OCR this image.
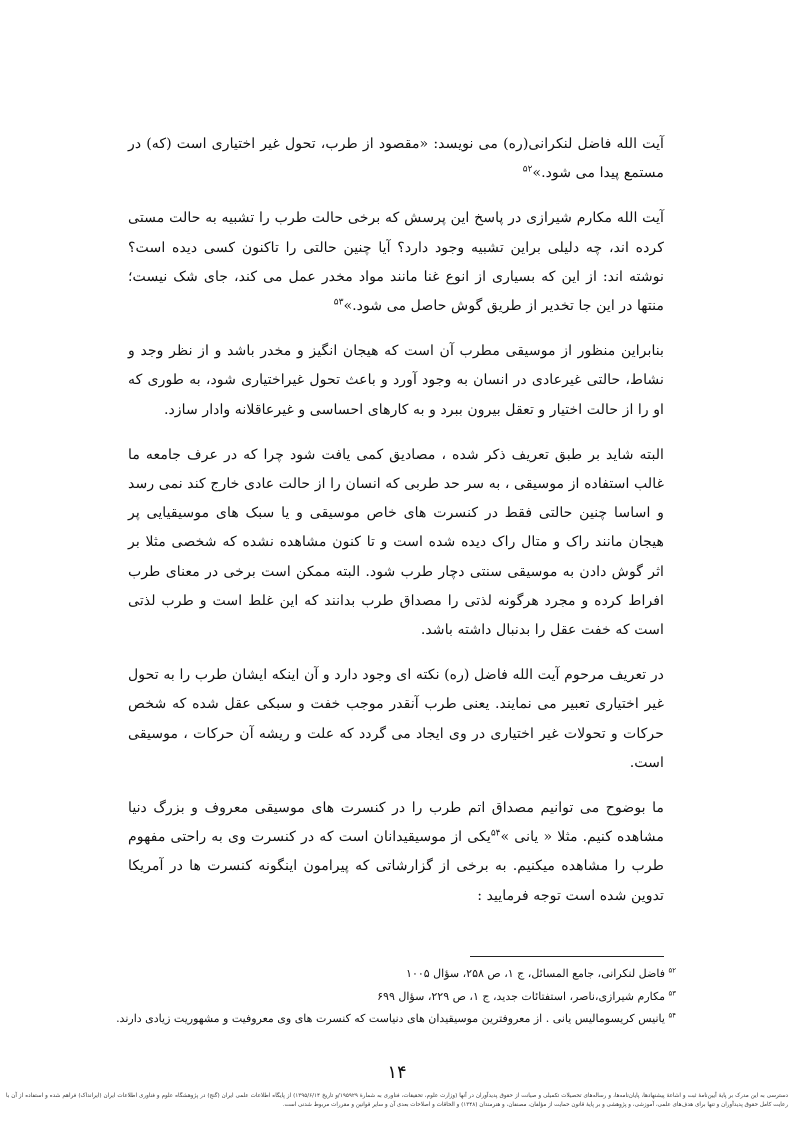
آیت الله فاضل لنکرانی(ره) می نویسد: «مقصود از طرب، تحول غیر اختیاری است (که) در مستمع پیدا می شود.»$^{۵۲}$

آیت الله مکارم شیرازی در پاسخ این پرسش که برخی حالت طرب را تشبیه به حالت مستی کرده اند، چه دلیلی براین تشبیه وجود دارد؟ آیا چنین حالتی را تاکنون کسی دیده است؟ نوشته اند: از این که بسیاری از انوع غنا مانند مواد مخدر عمل می کند، جای شک نیست؛ منتها در این جا تخدیر از طریق گوش حاصل می شود.»$^{۵۳}$

بنابراین منظور از موسیقی مطرب آن است که هیجان انگیز و مخدر باشد و از نظر وجد و نشاط، حالتی غیرعادی در انسان به وجود آورد و باعث تحول غیراختیاری شود، به طوری که او را از حالت اختیار و تعقل بیرون ببرد و به کارهای احساسی و غیرعاقلانه وادار سازد.

البته شاید بر طبق تعریف ذکر شده ، مصادیق کمی یافت شود چرا که در عرف جامعه ما غالب استفاده از موسیقی ، به سر حد طربی که انسان را از حالت عادی خارج کند نمی رسد و اساسا چنین حالتی فقط در کنسرت های خاص موسیقی و یا سبک های موسیقیایی پر هیجان مانند راک و متال راک دیده شده است و تا کنون مشاهده نشده که شخصی مثلا بر اثر گوش دادن به موسیقی سنتی دچار طرب شود. البته ممکن است برخی در معنای طرب افراط کرده و مجرد هرگونه لذتی را مصداق طرب بدانند که این غلط است و طرب لذتی است که خفت عقل را بدنبال داشته باشد.

در تعریف مرحوم آیت الله فاضل (ره) نکته ای وجود دارد و آن اینکه ایشان طرب را به تحول غیر اختیاری تعبیر می نمایند. یعنی طرب آنقدر موجب خفت و سبکی عقل شده که شخص حرکات و تحولات غیر اختیاری در وی ایجاد می گردد که علت و ریشه آن حرکات ، موسیقی است.

ما بوضوح می توانیم مصداق اتم طرب را در کنسرت های موسیقی معروف و بزرگ دنیا مشاهده کنیم. مثلا « یانی »$^{۵۴}$یکی از موسیقیدانان است که در کنسرت وی به راحتی مفهوم طرب را مشاهده میکنیم. به برخی از گزارشاتی که پیرامون اینگونه کنسرت ها در آمریکا تدوین شده است توجه فرمایید :

$^{۵۲}$ فاضل لنکرانی، جامع المسائل، ج ۱، ص ۲۵۸، سؤال ۱۰۰۵

$^{۵۳}$ مکارم شیرازی،ناصر، استفتائات جدید، ج ۱، ص ۲۲۹، سؤال ۶۹۹

$^{۵۴}$ یانیس کریسومالیس یانی . از معروفترین موسیقیدان های دنیاست که کنسرت های وی معروفیت و مشهوریت زیادی دارند.

۱۴
دسترسی به این مدرک بر پایهٔ آیین‌نامهٔ ثبت و اشاعهٔ پیشنهادها، پایان‌نامه‌ها، و رساله‌های تحصیلات تکمیلی و صیانت از حقوق پدیدآوران در آنها (وزارت علوم، تحقیقات، فناوری به شمارهٔ ۱۹۵۹۲۹/و تاریخ ۱۳۹۵/۶/۱۴) از پایگاه اطلاعات علمی ایران (گنج) در پژوهشگاه علوم و فناوری اطلاعات ایران (ایرانداک) فراهم شده و استفاده از آن با رعایت کامل حقوق پدیدآوران و تنها برای هدف‌های علمی، آموزشی، و پژوهشی و بر پایهٔ قانون حمایت از مؤلفان، مصنفان، و هنرمندان (۱۳۴۸) و الحاقات و اصلاحات بعدی آن و سایر قوانین و مقررات مربوط شدنی است.
